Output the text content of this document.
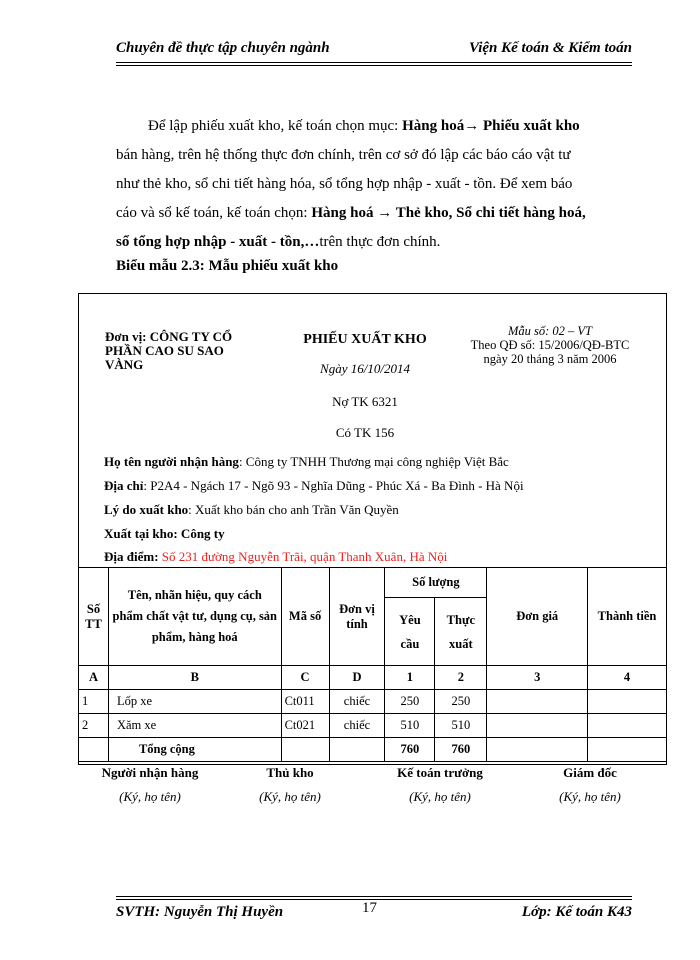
Chuyên đề thực tập chuyên ngành	Viện Kế toán & Kiểm toán
Để lập phiếu xuất kho, kế toán chọn mục: Hàng hoá→ Phiếu xuất kho
bán hàng, trên hệ thống thực đơn chính, trên cơ sở đó lập các báo cáo vật tư
như thẻ kho, sổ chi tiết hàng hóa, sổ tổng hợp nhập - xuất - tồn. Để xem báo
cáo và sổ kế toán, kế toán chọn: Hàng hoá → Thẻ kho, Sổ chi tiết hàng hoá,
sổ tổng hợp nhập - xuất - tồn,…trên thực đơn chính.
Biểu mẫu 2.3: Mẫu phiếu xuất kho
Đơn vị: CÔNG TY CỔ PHẦN CAO SU SAO VÀNG
PHIẾU XUẤT KHO
Ngày 16/10/2014
Nợ TK 6321
Có TK 156
Mẫu số: 02 – VT
Theo QĐ số: 15/2006/QĐ-BTC
ngày 20 tháng 3 năm 2006
Họ tên người nhận hàng: Công ty TNHH Thương mại công nghiệp Việt Bắc
Địa chỉ: P2A4 - Ngách 17 - Ngõ 93 - Nghĩa Dũng - Phúc Xá - Ba Đình - Hà Nội
Lý do xuất kho: Xuất kho bán cho anh Trần Văn Quyền
Xuất tại kho: Công ty
Địa điểm: Số 231 đường Nguyễn Trãi, quận Thanh Xuân, Hà Nội
Số TT	Tên, nhãn hiệu, quy cách phẩm chất vật tư, dụng cụ, sản phẩm, hàng hoá	Mã số	Đơn vị tính	Số lượng		Đơn giá	Thành tiền
				Yêu cầu	Thực xuất		
A	B	C	D	1	2	3	4
1	Lốp xe	Ct011	chiếc	250	250		
2	Xăm xe	Ct021	chiếc	510	510		
	Tổng cộng			760	760		
Người nhận hàng
(Ký, họ tên)
Thủ kho
(Ký, họ tên)
Kế toán trưởng
(Ký, họ tên)
Giám đốc
(Ký, họ tên)
SVTH: Nguyễn Thị Huyền	17	Lớp: Kế toán K43
